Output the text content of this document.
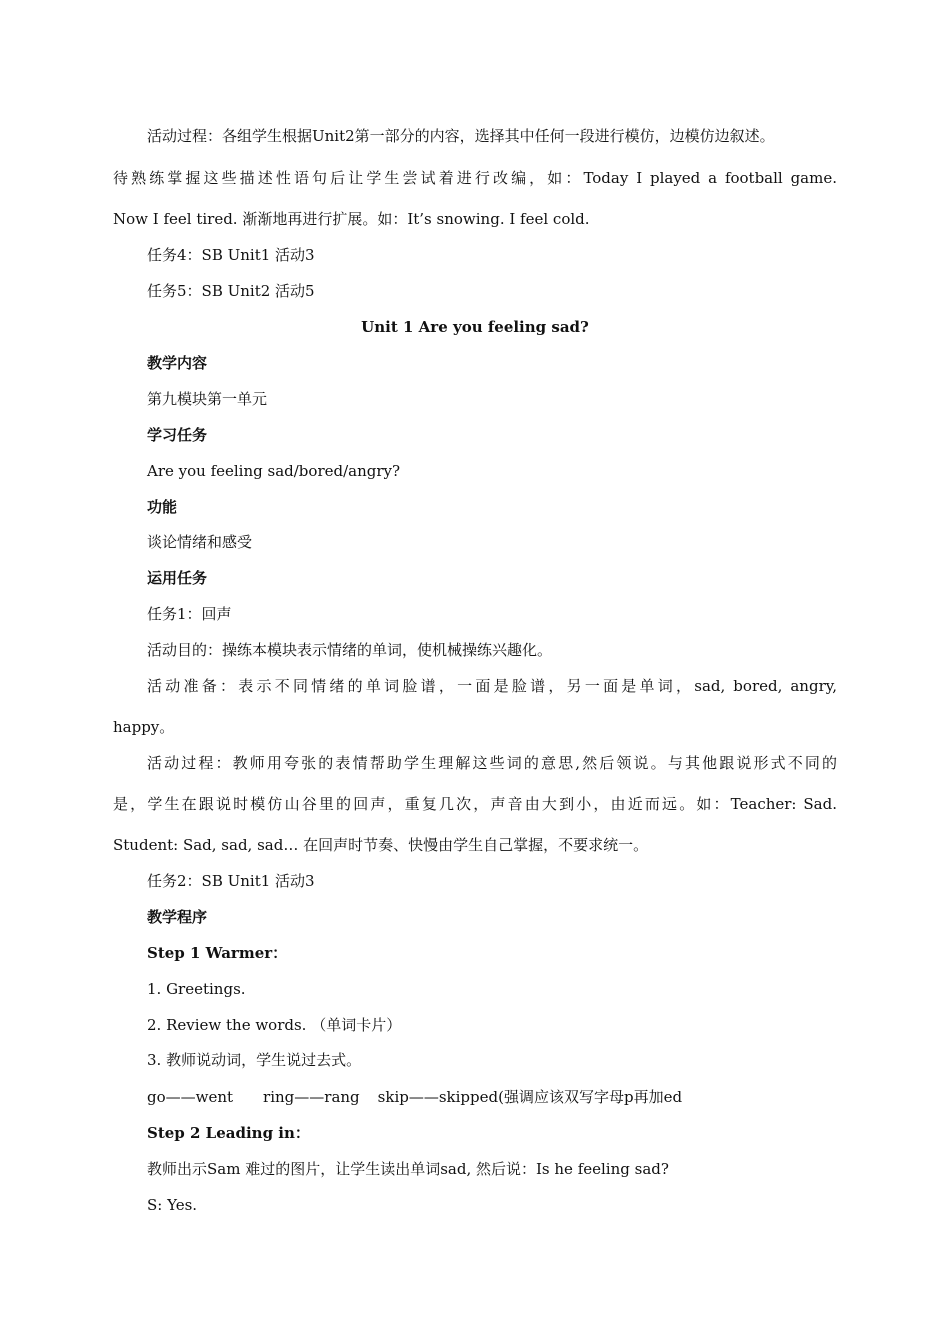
活动过程：各组学生根据Unit2第一部分的内容，选择其中任何一段进行模仿，边模仿边叙述。
待熟练掌握这些描述性语句后让学生尝试着进行改编，如：Today I played a football game.
Now I feel tired. 渐渐地再进行扩展。如：It’s snowing. I feel cold.
任务4：SB Unit1 活动3
任务5：SB Unit2 活动5
Unit 1 Are you feeling sad?
教学内容
第九模块第一单元
学习任务
Are you feeling sad/bored/angry?
功能
谈论情绪和感受
运用任务
任务1：回声
活动目的：操练本模块表示情绪的单词，使机械操练兴趣化。
活动准备：表示不同情绪的单词脸谱，一面是脸谱，另一面是单词，sad, bored, angry,
happy。
活动过程：教师用夸张的表情帮助学生理解这些词的意思,然后领说。与其他跟说形式不同的
是，学生在跟说时模仿山谷里的回声，重复几次，声音由大到小，由近而远。如：Teacher: Sad.
Student: Sad, sad, sad… 在回声时节奏、快慢由学生自己掌握，不要求统一。
任务2：SB Unit1 活动3
教学程序
Step 1 Warmer：
1. Greetings.
2. Review the words. （单词卡片）
3. 教师说动词，学生说过去式。
go——went ring——rang skip——skipped(强调应该双写字母p再加ed
Step 2 Leading in：
教师出示Sam 难过的图片，让学生读出单词sad, 然后说：Is he feeling sad?
S: Yes.
